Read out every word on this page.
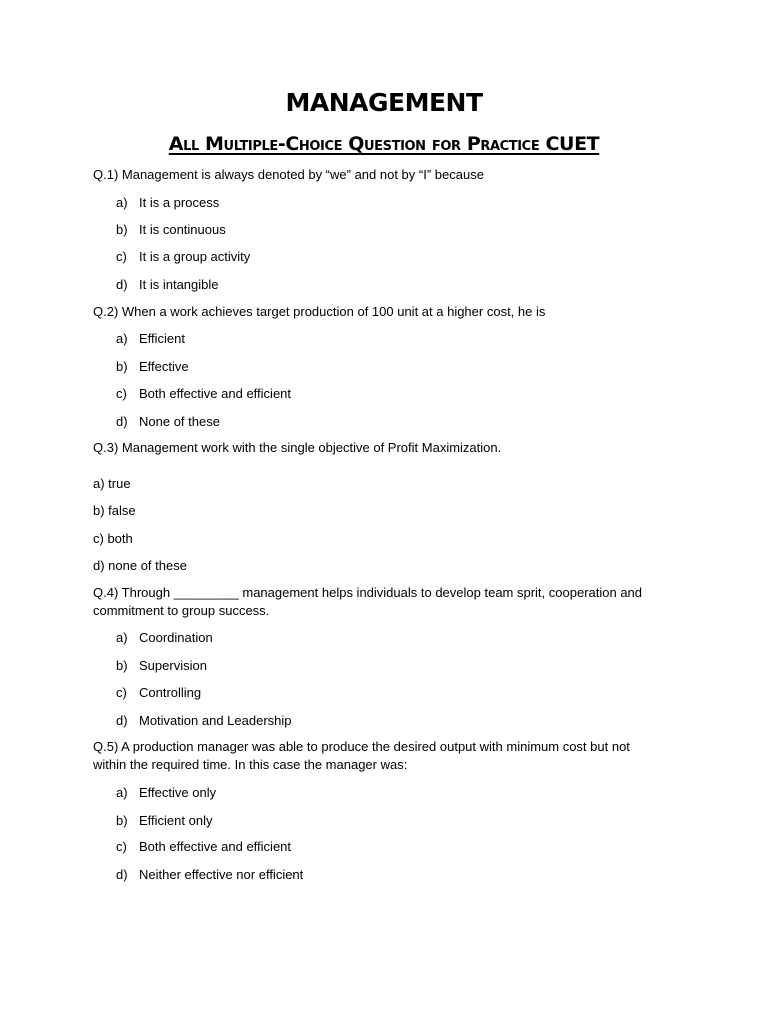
MANAGEMENT
All Multiple-Choice Question for Practice CUET

Q.1) Management is always denoted by “we” and not by “I” because

a) It is a process
b) It is continuous
c) It is a group activity
d) It is intangible

Q.2) When a work achieves target production of 100 unit at a higher cost, he is

a) Efficient
b) Effective
c) Both effective and efficient
d) None of these

Q.3) Management work with the single objective of Profit Maximization.

a) true
b) false
c) both
d) none of these

Q.4) Through _________ management helps individuals to develop team sprit, cooperation and commitment to group success.

a) Coordination
b) Supervision
c) Controlling
d) Motivation and Leadership

Q.5) A production manager was able to produce the desired output with minimum cost but not within the required time. In this case the manager was:

a) Effective only
b) Efficient only
c) Both effective and efficient
d) Neither effective nor efficient
